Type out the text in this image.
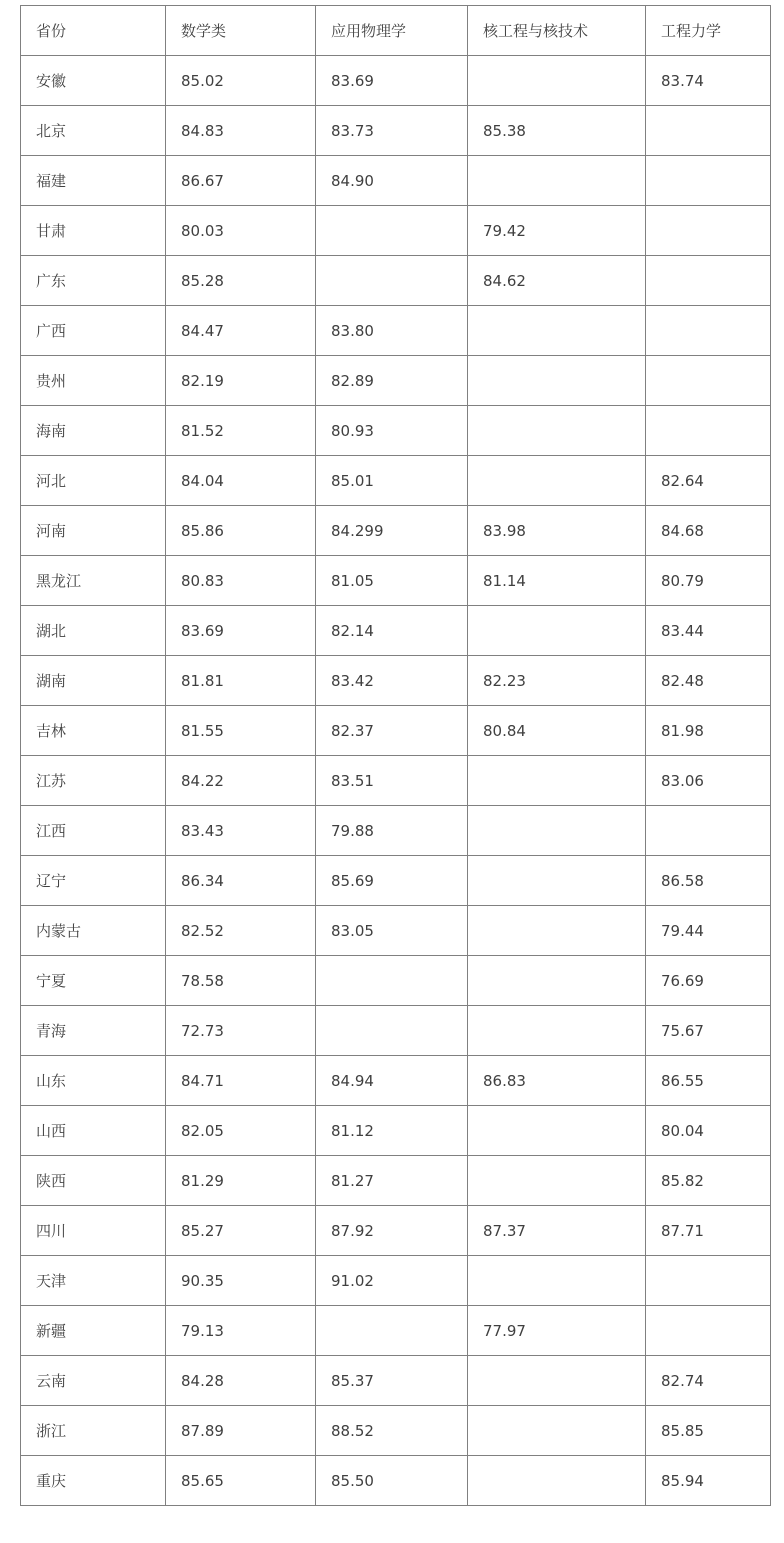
省份	数学类	应用物理学	核工程与核技术	工程力学
安徽	85.02	83.69		83.74
北京	84.83	83.73	85.38	
福建	86.67	84.90		
甘肃	80.03		79.42	
广东	85.28		84.62	
广西	84.47	83.80		
贵州	82.19	82.89		
海南	81.52	80.93		
河北	84.04	85.01		82.64
河南	85.86	84.299	83.98	84.68
黑龙江	80.83	81.05	81.14	80.79
湖北	83.69	82.14		83.44
湖南	81.81	83.42	82.23	82.48
吉林	81.55	82.37	80.84	81.98
江苏	84.22	83.51		83.06
江西	83.43	79.88		
辽宁	86.34	85.69		86.58
内蒙古	82.52	83.05		79.44
宁夏	78.58			76.69
青海	72.73			75.67
山东	84.71	84.94	86.83	86.55
山西	82.05	81.12		80.04
陕西	81.29	81.27		85.82
四川	85.27	87.92	87.37	87.71
天津	90.35	91.02		
新疆	79.13		77.97	
云南	84.28	85.37		82.74
浙江	87.89	88.52		85.85
重庆	85.65	85.50		85.94
